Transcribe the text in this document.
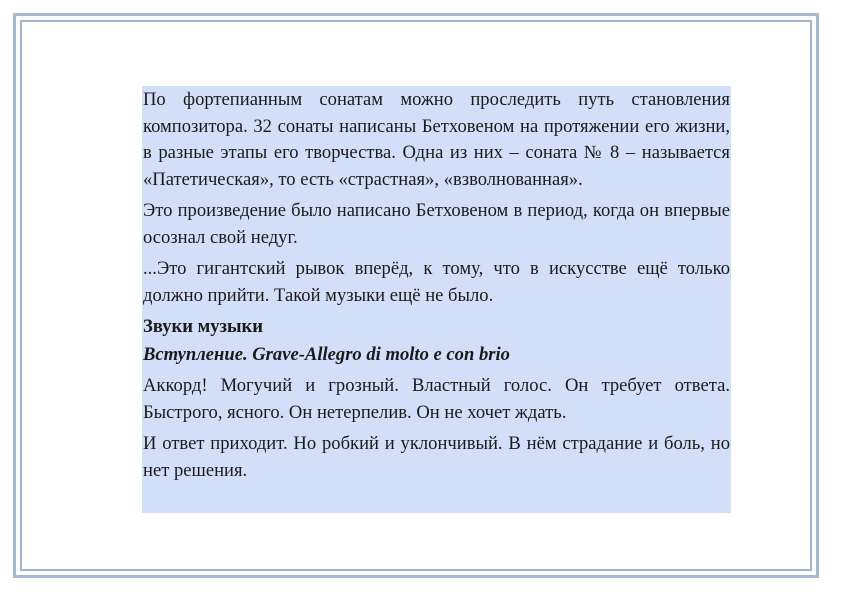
По фортепианным сонатам можно проследить путь становления композитора. 32 сонаты написаны Бетховеном на протяжении его жизни, в разные этапы его творчества. Одна из них – соната № 8 – называется «Патетическая», то есть «страстная», «взволнованная».

Это произведение было написано Бетховеном в период, когда он впервые осознал свой недуг.

...Это гигантский рывок вперёд, к тому, что в искусстве ещё только должно прийти. Такой музыки ещё не было.

Звуки музыки

Вступление. Grave-Allegro di molto e con brio

Аккорд! Могучий и грозный. Властный голос. Он требует ответа. Быстрого, ясного. Он нетерпелив. Он не хочет ждать.

И ответ приходит. Но робкий и уклончивый. В нём страдание и боль, но нет решения.
